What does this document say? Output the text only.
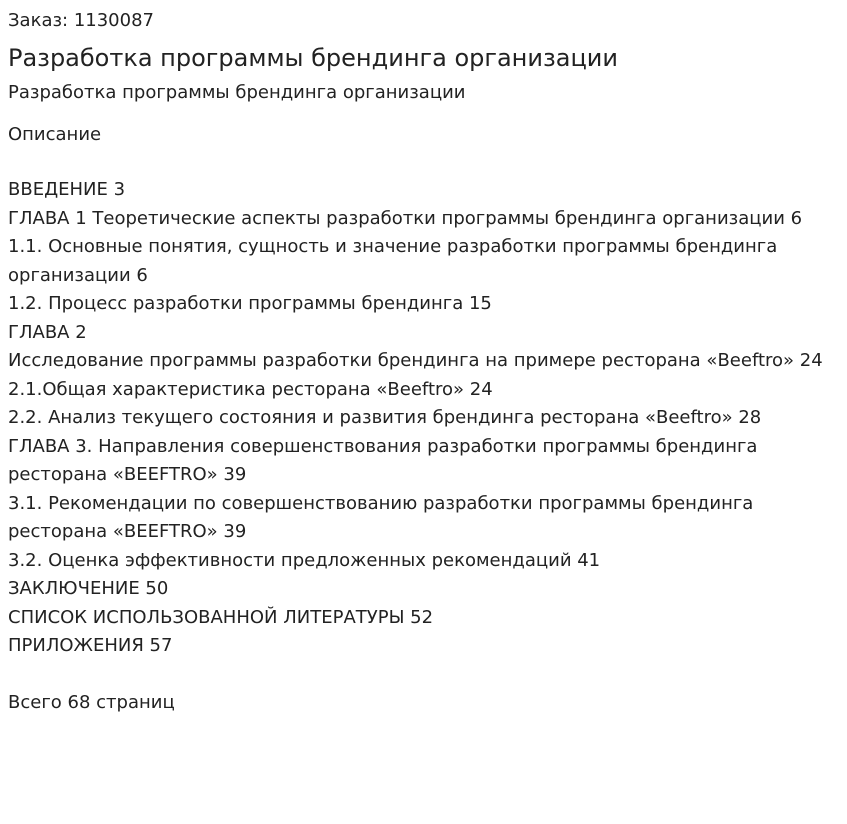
Заказ: 1130087

Разработка программы брендинга организации

Разработка программы брендинга организации

Описание

ВВЕДЕНИЕ 3
ГЛАВА 1 Теоретические аспекты разработки программы брендинга организации 6
1.1. Основные понятия, сущность и значение разработки программы брендинга организации 6
1.2. Процесс разработки программы брендинга 15
ГЛАВА 2
Исследование программы разработки брендинга на примере ресторана «Beeftro» 24
2.1.Общая характеристика ресторана «Beeftro» 24
2.2. Анализ текущего состояния и развития брендинга ресторана «Beeftro» 28
ГЛАВА 3. Направления совершенствования разработки программы брендинга ресторана «BEEFTRO» 39
3.1. Рекомендации по совершенствованию разработки программы брендинга ресторана «BEEFTRO» 39
3.2. Оценка эффективности предложенных рекомендаций 41
ЗАКЛЮЧЕНИЕ 50
СПИСОК ИСПОЛЬЗОВАННОЙ ЛИТЕРАТУРЫ 52
ПРИЛОЖЕНИЯ 57

Всего 68 страниц
